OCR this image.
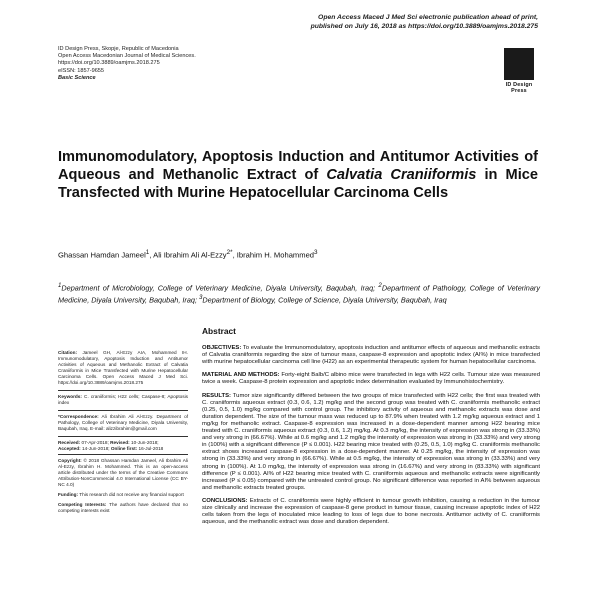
Open Access Maced J Med Sci electronic publication ahead of print,
published on July 16, 2018 as https://doi.org/10.3889/oamjms.2018.275
ID Design Press, Skopje, Republic of Macedonia
Open Access Macedonian Journal of Medical Sciences.
https://doi.org/10.3889/oamjms.2018.275
eISSN: 1857-9655
Basic Science
ID Design
Press
Immunomodulatory, Apoptosis Induction and Antitumor Activities of Aqueous and Methanolic Extract of Calvatia Craniiformis in Mice Transfected with Murine Hepatocellular Carcinoma Cells
Ghassan Hamdan Jameel$^1$, Ali Ibrahim Ali Al-Ezzy$^{2*}$, Ibrahim H. Mohammed$^3$
$^1$Department of Microbiology, College of Veterinary Medicine, Diyala University, Baqubah, Iraq; $^2$Department of Pathology, College of Veterinary Medicine, Diyala University, Baqubah, Iraq; $^3$Department of Biology, College of Science, Diyala University, Baqubah, Iraq

Citation: Jameel GH, Al-Ezzy AIA, Mohammed IH. Immunomodulatory, Apoptosis Induction and Antitumor Activities of Aqueous and Methanolic Extract of Calvatia Craniiformis in Mice Transfected with Murine Hepatocellular Carcinoma Cells. Open Access Maced J Med Sci. https://doi.org/10.3889/oamjms.2018.275

Keywords: C. craniiformis; H22 cells; Caspase-8; Apoptosis index

*Correspondence: Ali Ibrahim Ali Al-Ezzy. Department of Pathology, College of Veterinary Medicine, Diyala University, Baqubah, Iraq. E-mail: alizzibrahim@gmail.com

Received: 07-Apr-2018; Revised: 10-Jun-2018;
Accepted: 14-Jun-2018; Online first: 16-Jul-2018

Copyright: © 2018 Ghassan Hamdan Jameel, Ali Ibrahim Ali Al-Ezzy, Ibrahim H. Mohammed. This is an open-access article distributed under the terms of the Creative Commons Attribution-NonCommercial 4.0 International License (CC BY-NC 4.0)

Funding: This research did not receive any financial support

Competing Interests: The authors have declared that no competing interests exist

Abstract

OBJECTIVES: To evaluate the Immunomodulatory, apoptosis induction and antitumor effects of aqueous and methanolic extracts of Calvatia craniiformis regarding the size of tumour mass, caspase-8 expression and apoptotic index (AI%) in mice transfected with murine hepatocellular carcinoma cell line (H22) as an experimental therapeutic system for human hepatocellular carcinoma.

MATERIAL AND METHODS: Forty-eight Balb/C albino mice were transfected in legs with H22 cells. Tumour size was measured twice a week. Caspase-8 protein expression and apoptotic index determination evaluated by Immunohistochemistry.

RESULTS: Tumor size significantly differed between the two groups of mice transfected with H22 cells; the first was treated with C. craniiformis aqueous extract (0.3, 0.6, 1.2) mg/kg and the second group was treated with C. craniiformis methanolic extract (0.25, 0.5, 1.0) mg/kg compared with control group. The inhibitory activity of aqueous and methanolic extracts was dose and duration dependent. The size of the tumour mass was reduced up to 87.9% when treated with 1.2 mg/kg aqueous extract and 1 mg/kg for methanolic extract. Caspase-8 expression was increased in a dose-dependent manner among H22 bearing mice treated with C. craniiformis aqueous extract (0.3, 0.6, 1.2) mg/kg. At 0.3 mg/kg, the intensity of expression was strong in (33.33%) and very strong in (66.67%). While at 0.6 mg/kg and 1.2 mg/kg the intensity of expression was strong in (33.33%) and very strong in (100%) with a significant difference (P ≤ 0.001). H22 bearing mice treated with (0.25, 0.5, 1.0) mg/kg C. craniiformis methanolic extract shows increased caspase-8 expression in a dose-dependent manner. At 0.25 mg/kg, the intensity of expression was strong in (33.33%) and very strong in (66.67%). While at 0.5 mg/kg, the intensity of expression was strong in (33.33%) and very strong in (100%). At 1.0 mg/kg, the intensity of expression was strong in (16.67%) and very strong in (83.33%) with significant difference (P ≤ 0.001). AI% of H22 bearing mice treated with C. craniiformis aqueous and methanolic extracts were significantly increased (P ≤ 0.05) compared with the untreated control group. No significant difference was reported in AI% between aqueous and methanolic extracts treated groups.

CONCLUSIONS: Extracts of C. craniiformis were highly efficient in tumour growth inhibition, causing a reduction in the tumour size clinically and increase the expression of caspase-8 gene product in tumour tissue, causing increase apoptotic index of H22 cells taken from the legs of inoculated mice leading to loss of legs due to bone necrosis. Antitumor activity of C. craniiformis aqueous, and the methanolic extract was dose and duration dependent.
